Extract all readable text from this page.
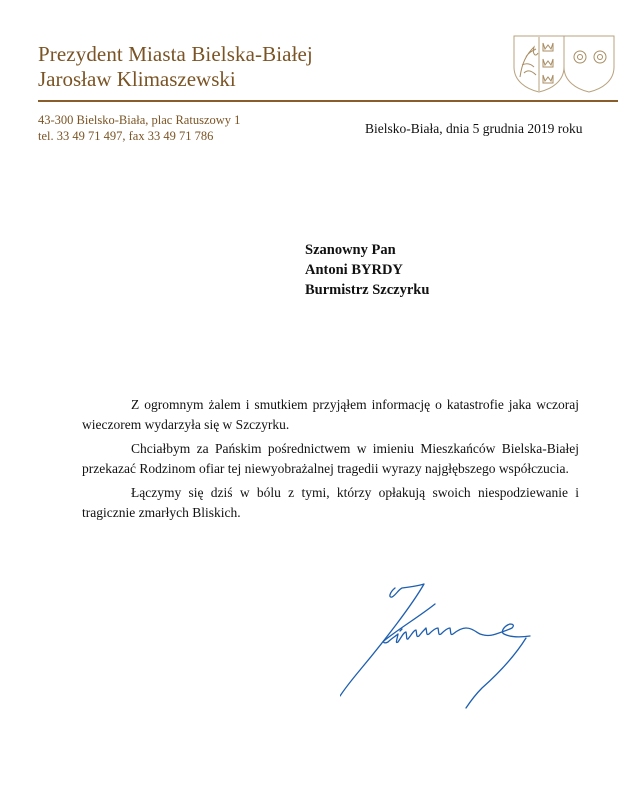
Prezydent Miasta Bielska-Białej
Jarosław Klimaszewski
43-300 Bielsko-Biała, plac Ratuszowy 1
tel. 33 49 71 497, fax 33 49 71 786	Bielsko-Biała, dnia 5 grudnia 2019 roku
Szanowny Pan
Antoni BYRDY
Burmistrz Szczyrku

Z ogromnym żalem i smutkiem przyjąłem informację o katastrofie jaka wczoraj wieczorem wydarzyła się w Szczyrku.

Chciałbym za Pańskim pośrednictwem w imieniu Mieszkańców Bielska-Białej przekazać Rodzinom ofiar tej niewyobrażalnej tragedii wyrazy najgłębszego współczucia.

Łączymy się dziś w bólu z tymi, którzy opłakują swoich niespodziewanie i tragicznie zmarłych Bliskich.
